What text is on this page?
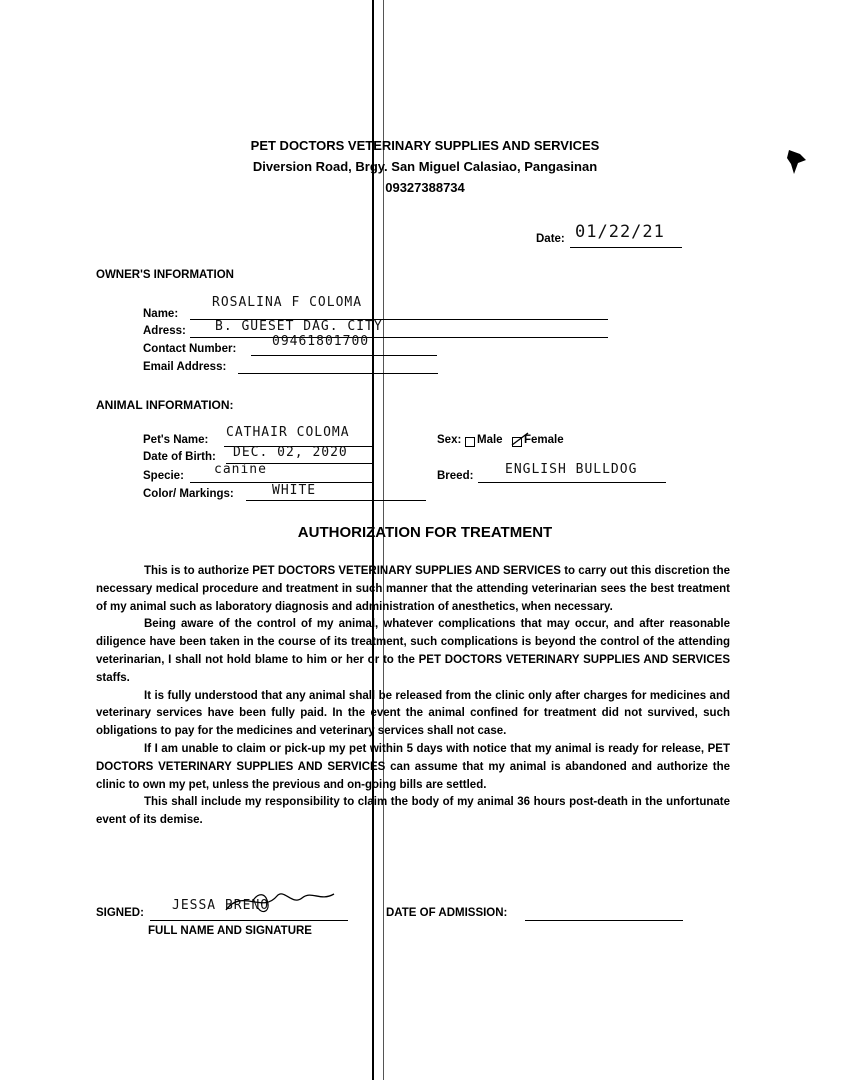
PET DOCTORS VETERINARY SUPPLIES AND SERVICES
Diversion Road, Brgy. San Miguel Calasiao, Pangasinan
09327388734
Date: 01/22/21
OWNER'S INFORMATION
Name:
ROSALINA F COLOMA
Adress: B. GUESET DAG. CITY
Contact Number:	09461801700
Email Address:
ANIMAL INFORMATION:
Pet's Name: CATHAIR COLOMA
Date of Birth: DEC. 02, 2020
Specie: canine
Color/ Markings:	WHITE
Sex: Male Female
Breed: ENGLISH BULLDOG
AUTHORIZATION FOR TREATMENT

This is to authorize PET DOCTORS VETERINARY SUPPLIES AND SERVICES to carry out this discretion the necessary medical procedure and treatment in such manner that the attending veterinarian sees the best treatment of my animal such as laboratory diagnosis and administration of anesthetics, when necessary.

Being aware of the control of my animal, whatever complications that may occur, and after reasonable diligence have been taken in the course of its treatment, such complications is beyond the control of the attending veterinarian, I shall not hold blame to him or her or to the PET DOCTORS VETERINARY SUPPLIES AND SERVICES staffs.

It is fully understood that any animal shall be released from the clinic only after charges for medicines and veterinary services have been fully paid. In the event the animal confined for treatment did not survived, such obligations to pay for the medicines and veterinary services shall not case.

If I am unable to claim or pick-up my pet within 5 days with notice that my animal is ready for release, PET DOCTORS VETERINARY SUPPLIES AND SERVICES can assume that my animal is abandoned and authorize the clinic to own my pet, unless the previous and on-going bills are settled.

This shall include my responsibility to claim the body of my animal 36 hours post-death in the unfortunate event of its demise.

SIGNED: JESSA BRENO
FULL NAME AND SIGNATURE
DATE OF ADMISSION:
